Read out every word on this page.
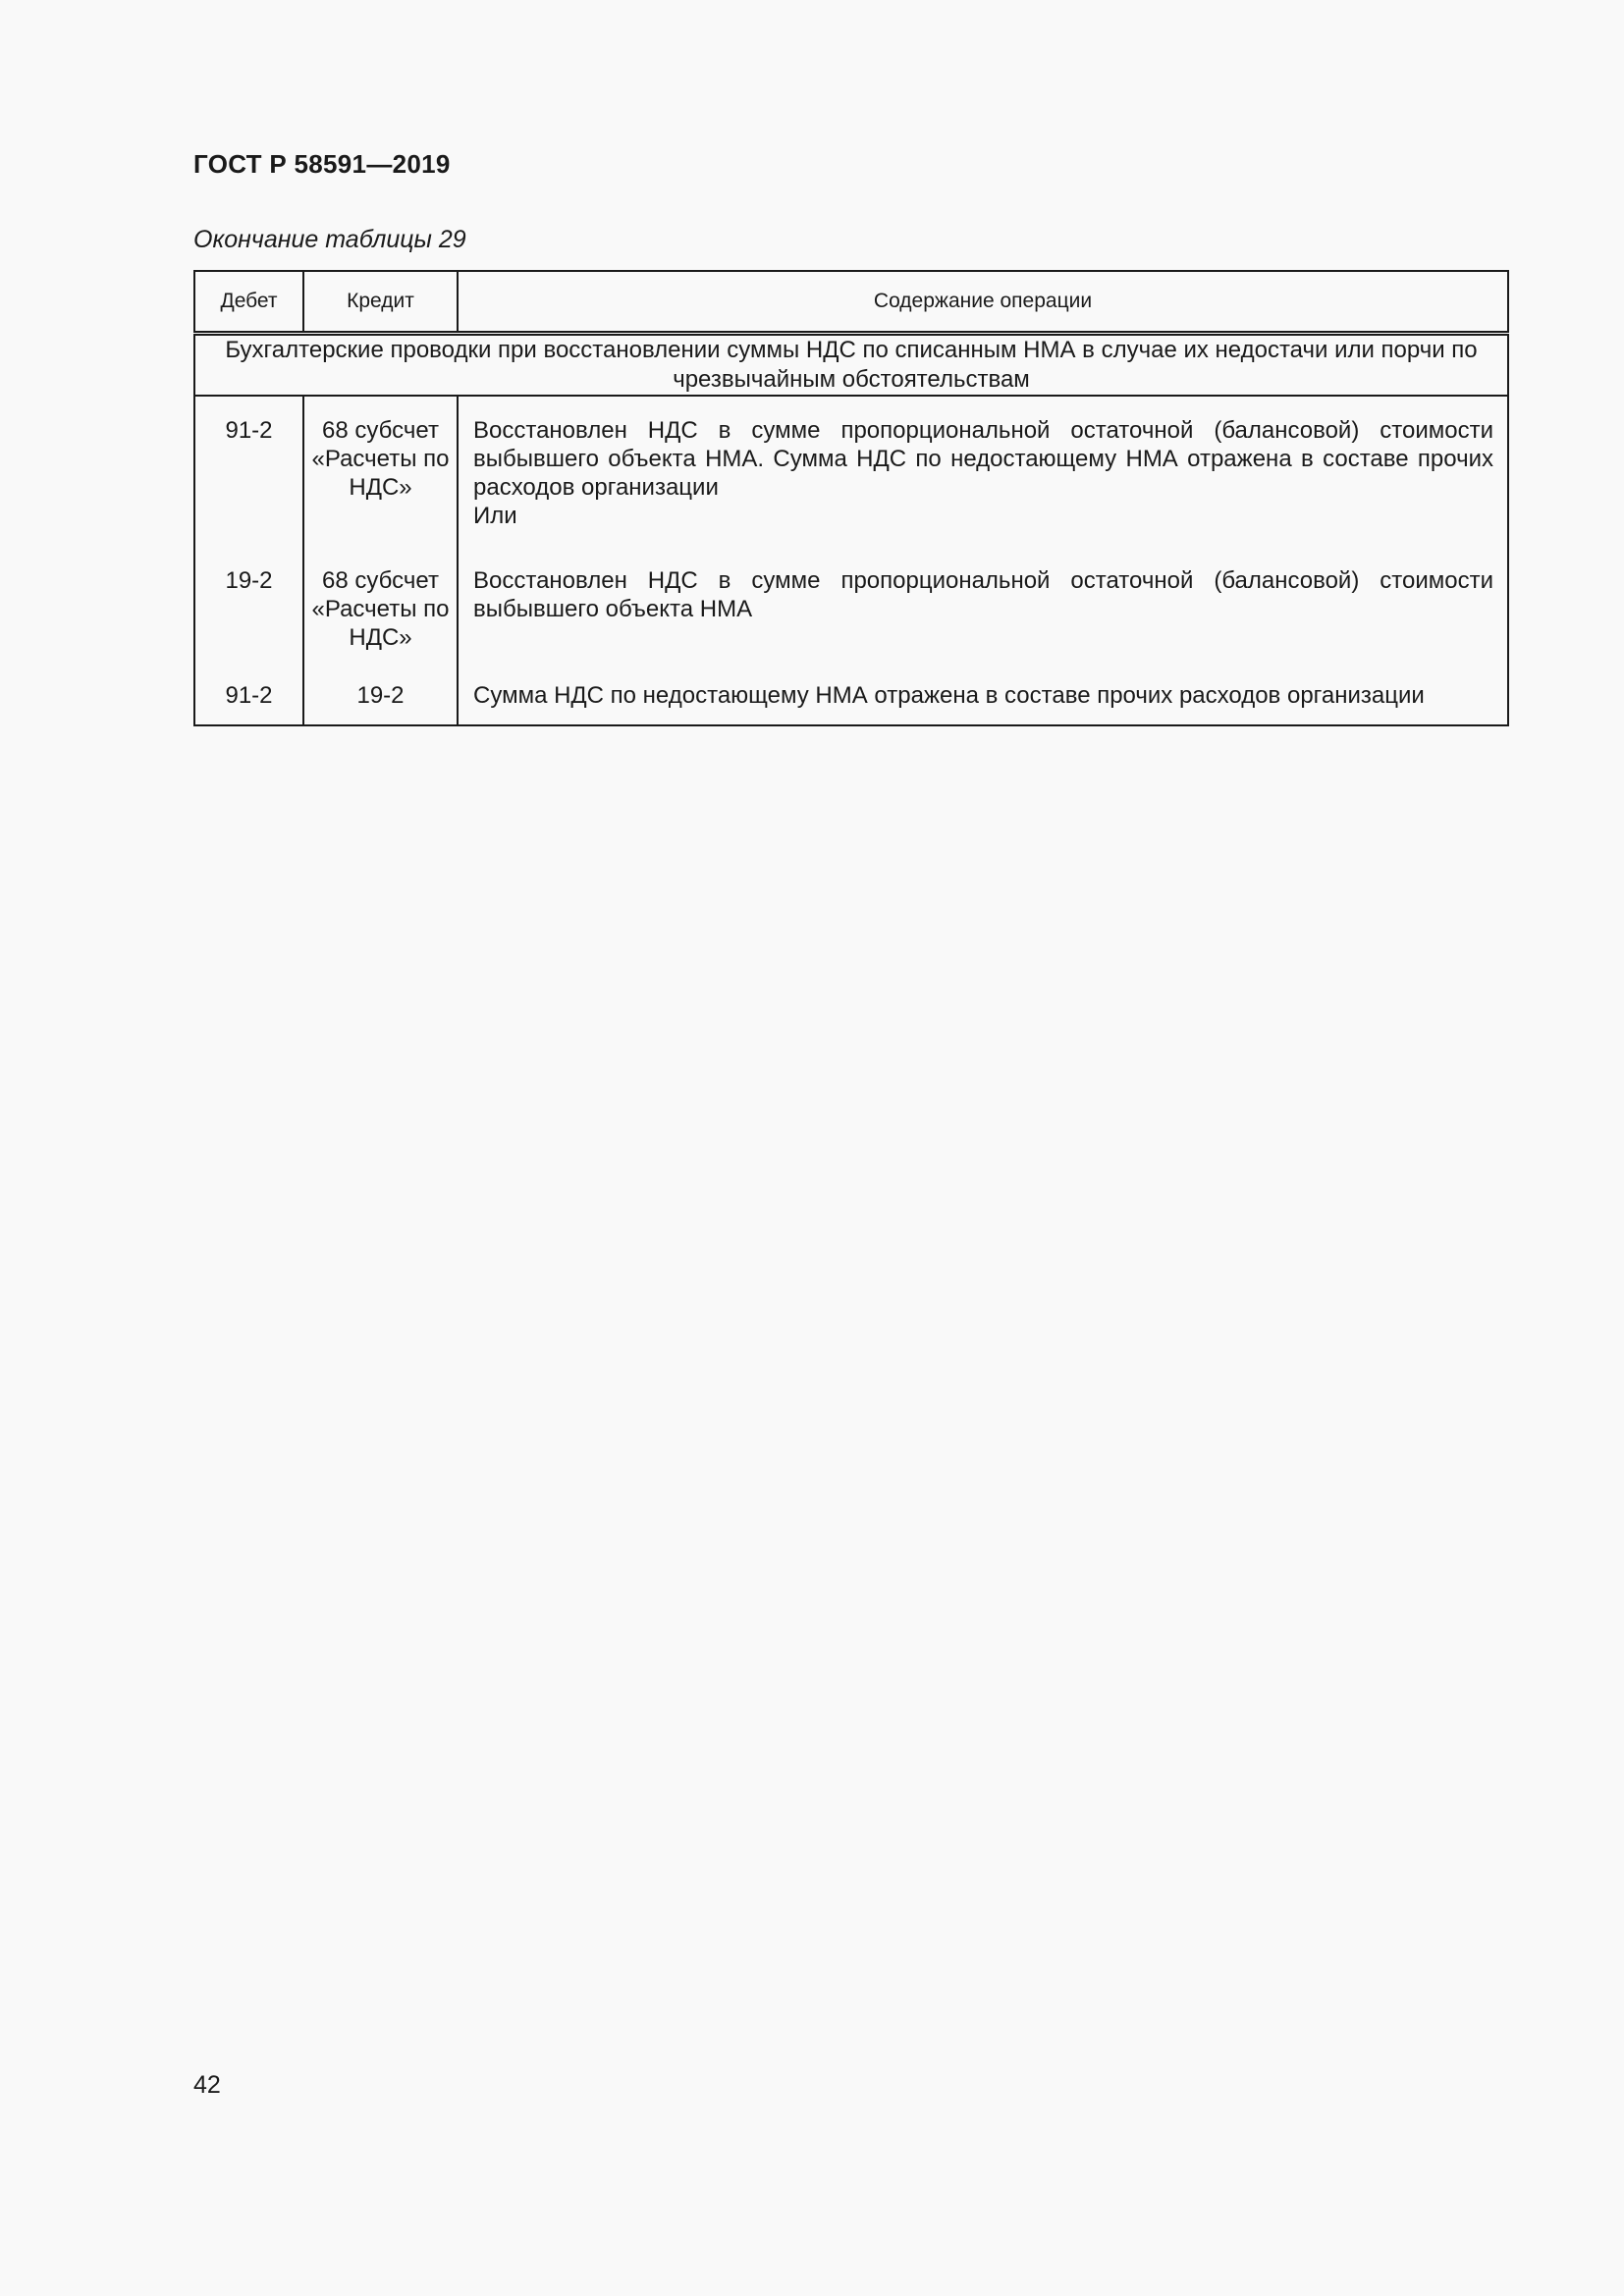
ГОСТ Р 58591—2019

Окончание таблицы 29

Дебет	Кредит	Содержание операции
Бухгалтерские проводки при восстановлении суммы НДС по списанным НМА в случае их недостачи или порчи по чрезвычайным обстоятельствам		
91-2	68 субсчет «Расчеты по НДС»	Восстановлен НДС в сумме пропорциональной остаточной (балансовой) стоимости выбывшего объекта НМА. Сумма НДС по недостающему НМА отражена в составе прочих расходов организации
Или

19-2	68 субсчет «Расчеты по НДС»	Восстановлен НДС в сумме пропорциональной остаточной (балансовой) стоимости выбывшего объекта НМА
91-2	19-2	Сумма НДС по недостающему НМА отражена в составе прочих расходов организации

42
